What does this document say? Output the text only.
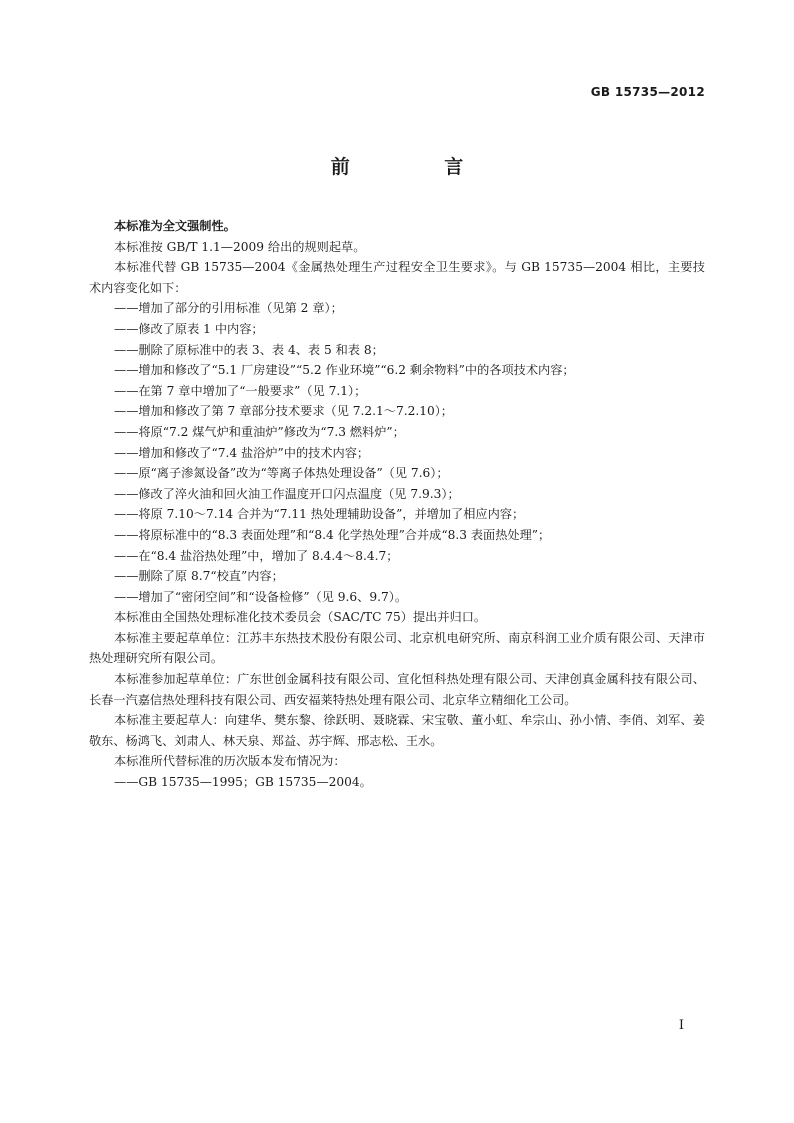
GB 15735—2012
前 言

本标准为全文强制性。

本标准按 GB/T 1.1—2009 给出的规则起草。

本标准代替 GB 15735—2004《金属热处理生产过程安全卫生要求》。与 GB 15735—2004 相比，主要技术内容变化如下：

——增加了部分的引用标准（见第 2 章）；

——修改了原表 1 中内容；

——删除了原标准中的表 3、表 4、表 5 和表 8；

——增加和修改了“5.1 厂房建设”“5.2 作业环境”“6.2 剩余物料”中的各项技术内容；

——在第 7 章中增加了“一般要求”（见 7.1）；

——增加和修改了第 7 章部分技术要求（见 7.2.1～7.2.10）；

——将原“7.2 煤气炉和重油炉”修改为“7.3 燃料炉”；

——增加和修改了“7.4 盐浴炉”中的技术内容；

——原“离子渗氮设备”改为“等离子体热处理设备”（见 7.6）；

——修改了淬火油和回火油工作温度开口闪点温度（见 7.9.3）；

——将原 7.10～7.14 合并为“7.11 热处理辅助设备”，并增加了相应内容；

——将原标准中的“8.3 表面处理”和“8.4 化学热处理”合并成“8.3 表面热处理”；

——在“8.4 盐浴热处理”中，增加了 8.4.4～8.4.7；

——删除了原 8.7“校直”内容；

——增加了“密闭空间”和“设备检修”（见 9.6、9.7）。

本标准由全国热处理标准化技术委员会（SAC/TC 75）提出并归口。

本标准主要起草单位：江苏丰东热技术股份有限公司、北京机电研究所、南京科润工业介质有限公司、天津市热处理研究所有限公司。

本标准参加起草单位：广东世创金属科技有限公司、宣化恒科热处理有限公司、天津创真金属科技有限公司、长春一汽嘉信热处理科技有限公司、西安福莱特热处理有限公司、北京华立精细化工公司。

本标准主要起草人：向建华、樊东黎、徐跃明、聂晓霖、宋宝敬、董小虹、牟宗山、孙小情、李俏、刘军、姜敬东、杨鸿飞、刘肃人、林天泉、郑益、苏宇辉、邢志松、王水。

本标准所代替标准的历次版本发布情况为：

——GB 15735—1995；GB 15735—2004。

I
